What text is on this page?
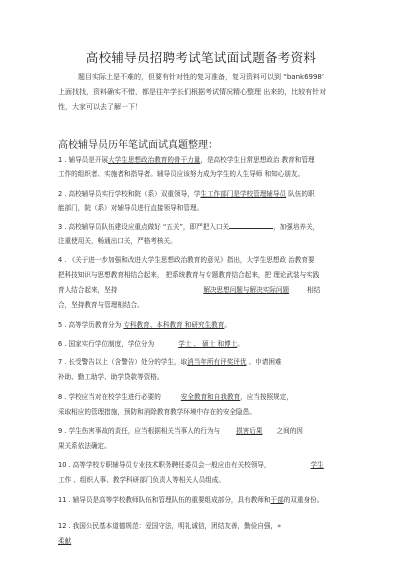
高校辅导员招聘考试笔试面试题备考资料
题目实际上是不难的，但要有针对性的复习准备，复习资料可以到 “bank6998’
上面找找，资料确实不错，都是往年学长们根据考试情况精心整理 出来的，比较有针对
性，大家可以去了解一下！
高校辅导员历年笔试面试真题整理：
1 . 辅导员是开展大学生思想政治教育的骨干力量，是高校学生日常思想政治 教育和管理
工作的组织者、实施者和指导者。辅导员应该努力成为学生的人生导师 和知心朋友。
2 . 高校辅导员实行学校和院（系）双重领导，学生工作部门是学校管理辅导员 队伍的职
能部门，院（系）对辅导员进行直接领导和管理。
3 . 高校辅导员队伍建设应重点做好 “五关”，即严把入口关	，加强培养关，
注重使用关，畅通出口关，严格考核关。
4 . 《关于进一步加强和改进大学生思想政治教育的意见》指出，大学生思想政 治教育要
把科技知识与思想教育相结合起来， 把系统教育与专题教育结合起来，把 理论武装与实践
育人结合起来，坚持	解决思想问题与解决实际问题	相结
合，坚持教育与管理相结合。
5 . 高等学历教育分为 专科教育、本科教育 和研究生教育。
6 . 国家实行学位制度，学位分为	学士 、 硕士 和博士。
7 . 长受警告以上（含警告）处分的学生，取消当年所有评奖评优 、申请困难
补助、勤工助学、助学贷款等资格。
8 . 学校应当对在校学生进行必要的	安全教育和自我教育，应当按照规定，
采取相应的管理措施，预防和消除教育教学环境中存在的安全隐患。
9 . 学生伤害事故的责任，应当根据相关当事人的行为与 损害后果 之间的因
果关系依法确定。
10 . 高等学校专职辅导员专业技术职务聘任委员会一般应由有关校领导，	学生
工作 、组织人事、教学科研部门负责人等相关人员组成。
11 . 辅导员是高等学校教师队伍和管理队伍的重要组成部分，具有教师和干部的双重身份。
12 . 我国公民基本道德规范：爱国守法，明礼诚信，团结友善，勤俭自强，»
柔献
